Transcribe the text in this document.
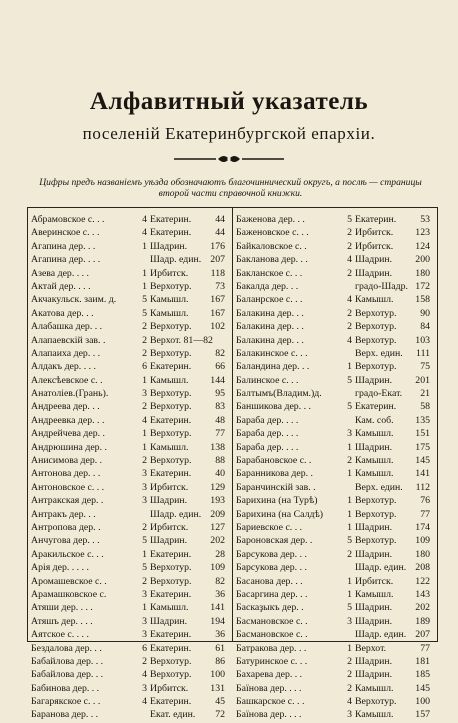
Алфавитный указатель
поселеній Екатеринбургской епархіи.
Цифры предъ названіемъ уѣзда обозначаютъ благочиннический округъ, а послѣ — страницы второй части справочной книжки.
Абрамовское с. . .	4 Екатерин. 44
Аверинское с. . .	4 Екатерин. 44
Агапина дер. . .	1 Шадрин. 176
Агапина дер. . . .	Шадр. един. 207
Азева дер. . . .	1 Ирбитск. 118
Актай дер. . . .	1 Верхотур. 73
Акчакульск. заим. д.	5 Камышл. 167
Акатова дер. . .	5 Камышл. 167
Алабашка дер. . .	2 Верхотур. 102
Алапаевскій зав. .	2 Верхот. 81—82
Алапаиха дер. . .	2 Верхотур. 82
Алдакъ дер. . . .	6 Екатерин. 66
Алексѣевское с. .	1 Камышл. 144
Анатоліев.(Грань).	3 Верхотур. 95
Андреева дер. . .	2 Верхотур. 83
Андреевка дер. . .	4 Екатерин. 48
Андрейчева дер. .	1 Верхотур. 77
Андрюшина дер. .	1 Камышл. 138
Анисимова дер. .	2 Верхотур. 88
Антонова дер. . .	3 Екатерин. 40
Антоновское с. . .	3 Ирбитск. 129
Антракская дер. .	3 Шадрин. 193
Антракъ дер. . .	Шадр. един. 209
Антропова дер. .	2 Ирбитск. 127
Анчугова дер. . .	5 Шадрин. 202
Аракильское с. . .	1 Екатерин. 28
Арія дер. . . . .	5 Верхотур. 109
Аромашевское с. .	2 Верхотур. 82
Арамашковское с.	3 Екатерин. 36
Атяши дер. . . .	1 Камышл. 141
Атяшъ дер. . . .	3 Шадрин. 194
Аятское с. . . .	3 Екатерин. 36
Бездалова дер. . .	6 Екатерин. 61
Бабайлова дер. . .	2 Верхотур. 86
Бабайлова дер. . .	4 Верхотур. 100
Бабинова дер. . .	3 Ирбитск. 131
Багарякское с. . .	4 Екатерин. 45
Баранова дер. . .	Екат. един. 72
Баженова дер. . .	5 Екатерин. 53
Баженовское с. . .	2 Ирбитск. 123
Байкаловское с. .	2 Ирбитск. 124
Бакланова дер. . .	4 Шадрин. 200
Бакланское с. . .	2 Шадрин. 180
Бакалда дер. . .	градо-Шадр. 172
Баланрское с. . .	4 Камышл. 158
Балакина дер. . .	2 Верхотур. 90
Балакина дер. . .	2 Верхотур. 84
Балакина дер. . .	4 Верхотур. 103
Балакинское с. . .	Верх. един. 111
Баландина дер. . .	1 Верхотур. 75
Балинское с. . .	5 Шадрин. 201
Балтымъ(Владим.)д.	градо-Екат. 21
Баншикова дер. . .	5 Екатерин. 58
Бараба дер. . . .	Кам. соб. 135
Бараба дер. . . .	3 Камышл. 151
Бараба дер. . . .	1 Шадрин. 175
Барабановское с. .	2 Камышл. 145
Баранникова дер. .	1 Камышл. 141
Баранчинскій зав. .	Верх. един. 112
Барихина (на Турѣ)	1 Верхотур. 76
Барихина (на Салдѣ)	1 Верхотур. 77
Бариевское с. . .	1 Шадрин. 174
Бароновская дер. .	5 Верхотур. 109
Барсукова дер. . .	2 Шадрин. 180
Барсукова дер. . .	Шадр. един. 208
Басанова дер. . .	1 Ирбитск. 122
Басаргина дер. . .	1 Камышл. 143
Баскаҙыкъ дер. .	5 Шадрин. 202
Басмановское с. .	3 Шадрин. 189
Басмановское с. .	Шадр. един. 207
Батракова дер. . .	1 Верхот.	77
Батуринское с. . .	2 Шадрин. 181
Бахарева дер. . .	2 Шадрин. 185
Баїнова дер. . . .	2 Камышл. 145
Башкарское с. . .	4 Верхотур. 100
Баїнова дер. . . .	3 Камышл. 157
